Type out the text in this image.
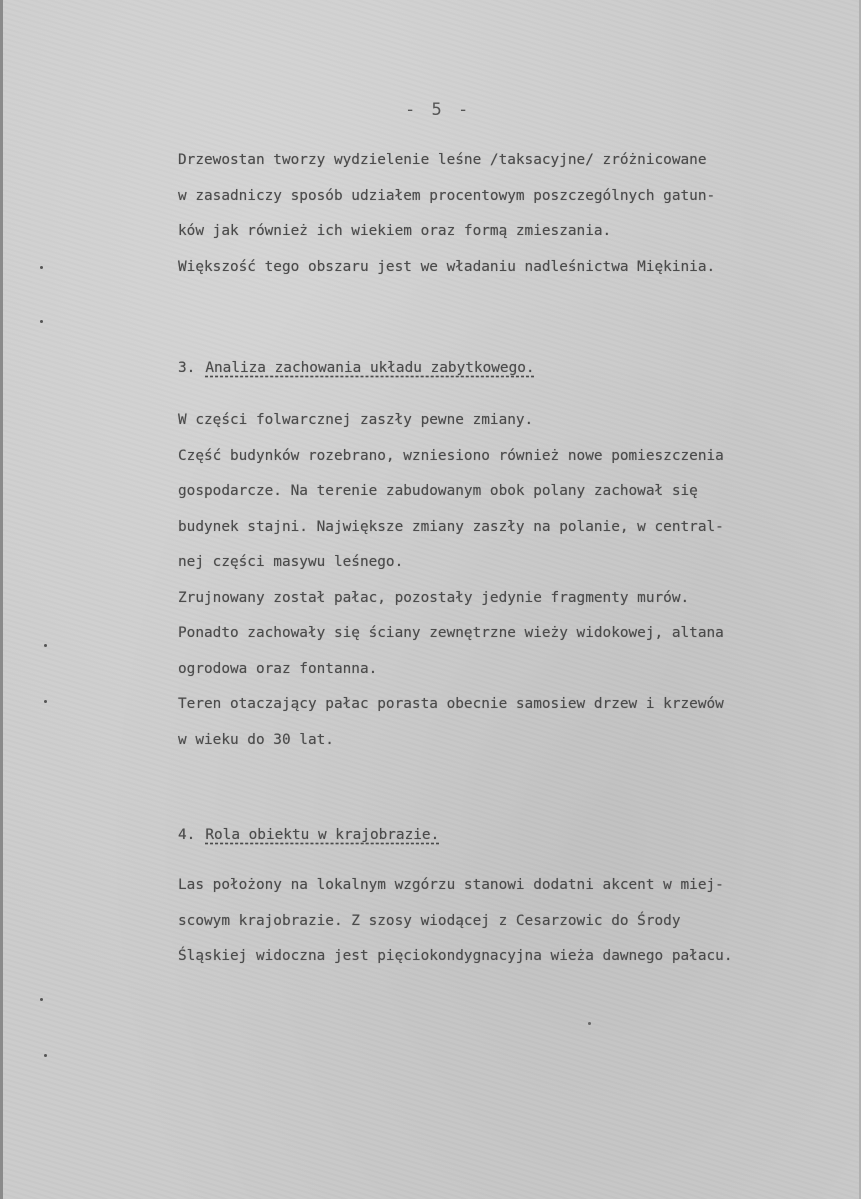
- 5 -
Drzewostan tworzy wydzielenie leśne /taksacyjne/ zróżnicowane
w zasadniczy sposób udziałem procentowym poszczególnych gatun-
ków jak również ich wiekiem oraz formą zmieszania.
Większość tego obszaru jest we władaniu nadleśnictwa Miękinia.
3. Analiza zachowania układu zabytkowego.
W części folwarcznej zaszły pewne zmiany.
Część budynków rozebrano, wzniesiono również nowe pomieszczenia
gospodarcze. Na terenie zabudowanym obok polany zachował się
budynek stajni. Największe zmiany zaszły na polanie, w central-
nej części masywu leśnego.
Zrujnowany został pałac, pozostały jedynie fragmenty murów.
Ponadto zachowały się ściany zewnętrzne wieży widokowej, altana
ogrodowa oraz fontanna.
Teren otaczający pałac porasta obecnie samosiew drzew i krzewów
w wieku do 30 lat.
4. Rola obiektu w krajobrazie.
Las położony na lokalnym wzgórzu stanowi dodatni akcent w miej-
scowym krajobrazie. Z szosy wiodącej z Cesarzowic do Środy
Śląskiej widoczna jest pięciokondygnacyjna wieża dawnego pałacu.
